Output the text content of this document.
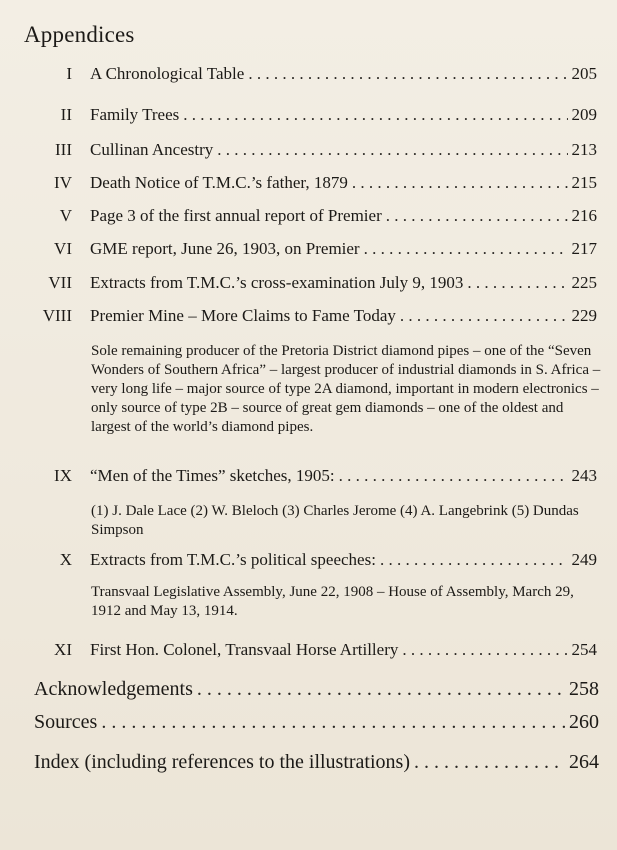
Appendices
I A Chronological Table . . .	205
II Family Trees . . .	209
III Cullinan Ancestry . . .	213
IV Death Notice of T.M.C.’s father, 1879 . . .	215
V Page 3 of the first annual report of Premier . . .	216
VI GME report, June 26, 1903, on Premier . . .	217
VII Extracts from T.M.C.’s cross-examination July 9, 1903 . . .	225
VIII Premier Mine – More Claims to Fame Today . . .	229
Sole remaining producer of the Pretoria District diamond pipes – one of the “Seven Wonders of Southern Africa” – largest producer of industrial diamonds in S. Africa – very long life – major source of type 2A diamond, important in modern electronics – only source of type 2B – source of great gem diamonds – one of the oldest and largest of the world’s diamond pipes.
IX “Men of the Times” sketches, 1905: . . .	243
(1) J. Dale Lace (2) W. Bleloch (3) Charles Jerome (4) A. Langebrink (5) Dundas Simpson
X Extracts from T.M.C.’s political speeches: . . .	249
Transvaal Legislative Assembly, June 22, 1908 – House of Assembly, March 29, 1912 and May 13, 1914.
XI First Hon. Colonel, Transvaal Horse Artillery . . .	254
Acknowledgements . . .	258
Sources . . .	260
Index (including references to the illustrations) . . .	264
